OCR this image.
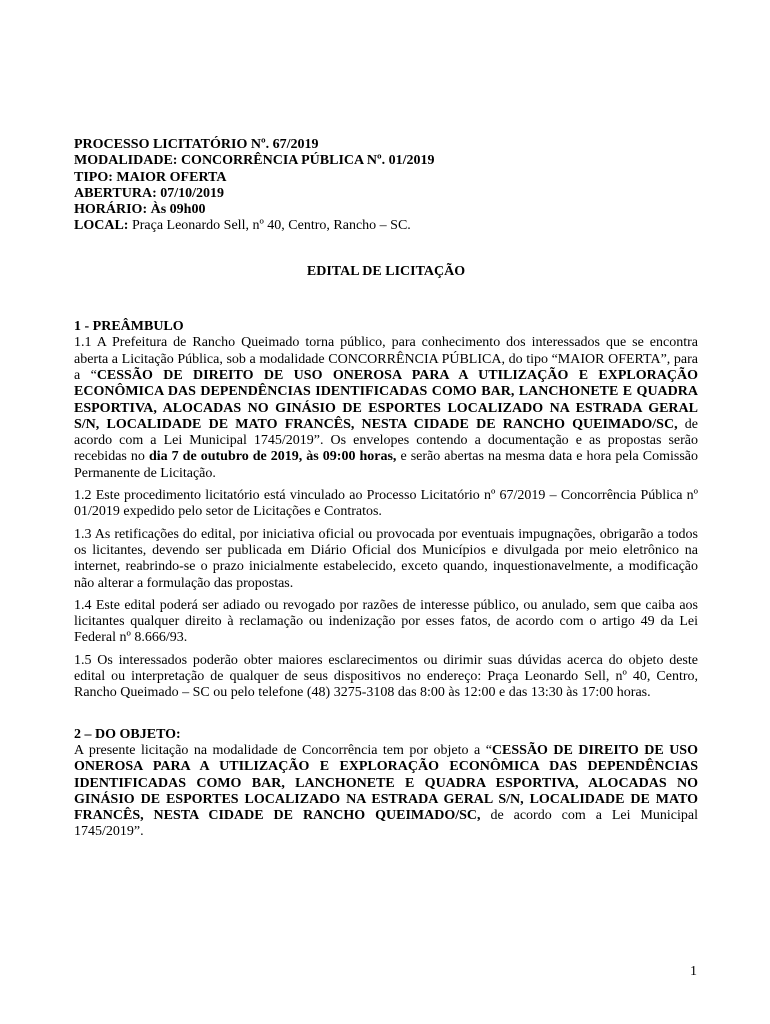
PROCESSO LICITATÓRIO Nº. 67/2019
MODALIDADE: CONCORRÊNCIA PÚBLICA Nº. 01/2019
TIPO: MAIOR OFERTA
ABERTURA: 07/10/2019
HORÁRIO: Às 09h00
LOCAL: Praça Leonardo Sell, nº 40, Centro, Rancho – SC.
EDITAL DE LICITAÇÃO
1 - PREÂMBULO

1.1 A Prefeitura de Rancho Queimado torna público, para conhecimento dos interessados que se encontra aberta a Licitação Pública, sob a modalidade CONCORRÊNCIA PÚBLICA, do tipo “MAIOR OFERTA”, para a “CESSÃO DE DIREITO DE USO ONEROSA PARA A UTILIZAÇÃO E EXPLORAÇÃO ECONÔMICA DAS DEPENDÊNCIAS IDENTIFICADAS COMO BAR, LANCHONETE E QUADRA ESPORTIVA, ALOCADAS NO GINÁSIO DE ESPORTES LOCALIZADO NA ESTRADA GERAL S/N, LOCALIDADE DE MATO FRANCÊS, NESTA CIDADE DE RANCHO QUEIMADO/SC, de acordo com a Lei Municipal 1745/2019”. Os envelopes contendo a documentação e as propostas serão recebidas no dia 7 de outubro de 2019, às 09:00 horas, e serão abertas na mesma data e hora pela Comissão Permanente de Licitação.

1.2 Este procedimento licitatório está vinculado ao Processo Licitatório nº 67/2019 – Concorrência Pública nº 01/2019 expedido pelo setor de Licitações e Contratos.

1.3 As retificações do edital, por iniciativa oficial ou provocada por eventuais impugnações, obrigarão a todos os licitantes, devendo ser publicada em Diário Oficial dos Municípios e divulgada por meio eletrônico na internet, reabrindo-se o prazo inicialmente estabelecido, exceto quando, inquestionavelmente, a modificação não alterar a formulação das propostas.

1.4 Este edital poderá ser adiado ou revogado por razões de interesse público, ou anulado, sem que caiba aos licitantes qualquer direito à reclamação ou indenização por esses fatos, de acordo com o artigo 49 da Lei Federal nº 8.666/93.

1.5 Os interessados poderão obter maiores esclarecimentos ou dirimir suas dúvidas acerca do objeto deste edital ou interpretação de qualquer de seus dispositivos no endereço: Praça Leonardo Sell, nº 40, Centro, Rancho Queimado – SC ou pelo telefone (48) 3275-3108 das 8:00 às 12:00 e das 13:30 às 17:00 horas.

2 – DO OBJETO:

A presente licitação na modalidade de Concorrência tem por objeto a “CESSÃO DE DIREITO DE USO ONEROSA PARA A UTILIZAÇÃO E EXPLORAÇÃO ECONÔMICA DAS DEPENDÊNCIAS IDENTIFICADAS COMO BAR, LANCHONETE E QUADRA ESPORTIVA, ALOCADAS NO GINÁSIO DE ESPORTES LOCALIZADO NA ESTRADA GERAL S/N, LOCALIDADE DE MATO FRANCÊS, NESTA CIDADE DE RANCHO QUEIMADO/SC, de acordo com a Lei Municipal 1745/2019”.

1
